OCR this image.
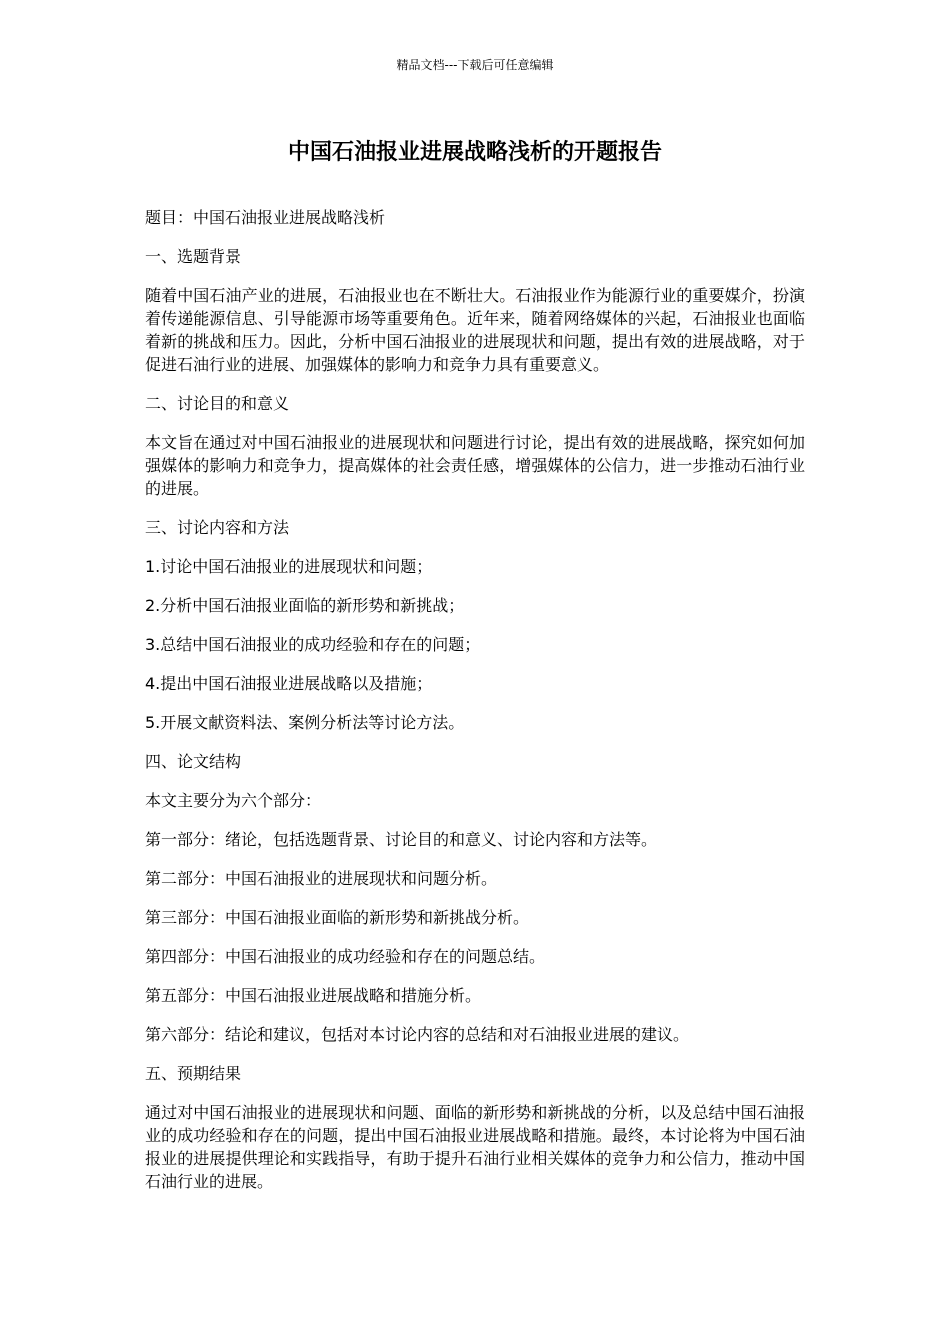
精品文档---下载后可任意编辑
中国石油报业进展战略浅析的开题报告

题目：中国石油报业进展战略浅析

一、选题背景

随着中国石油产业的进展，石油报业也在不断壮大。石油报业作为能源行业的重要媒介，扮演着传递能源信息、引导能源市场等重要角色。近年来，随着网络媒体的兴起，石油报业也面临着新的挑战和压力。因此，分析中国石油报业的进展现状和问题，提出有效的进展战略，对于促进石油行业的进展、加强媒体的影响力和竞争力具有重要意义。

二、讨论目的和意义

本文旨在通过对中国石油报业的进展现状和问题进行讨论，提出有效的进展战略，探究如何加强媒体的影响力和竞争力，提高媒体的社会责任感，增强媒体的公信力，进一步推动石油行业的进展。

三、讨论内容和方法

1.讨论中国石油报业的进展现状和问题；

2.分析中国石油报业面临的新形势和新挑战；

3.总结中国石油报业的成功经验和存在的问题；

4.提出中国石油报业进展战略以及措施；

5.开展文献资料法、案例分析法等讨论方法。

四、论文结构

本文主要分为六个部分：

第一部分：绪论，包括选题背景、讨论目的和意义、讨论内容和方法等。

第二部分：中国石油报业的进展现状和问题分析。

第三部分：中国石油报业面临的新形势和新挑战分析。

第四部分：中国石油报业的成功经验和存在的问题总结。

第五部分：中国石油报业进展战略和措施分析。

第六部分：结论和建议，包括对本讨论内容的总结和对石油报业进展的建议。

五、预期结果

通过对中国石油报业的进展现状和问题、面临的新形势和新挑战的分析，以及总结中国石油报业的成功经验和存在的问题，提出中国石油报业进展战略和措施。最终，本讨论将为中国石油报业的进展提供理论和实践指导，有助于提升石油行业相关媒体的竞争力和公信力，推动中国石油行业的进展。
